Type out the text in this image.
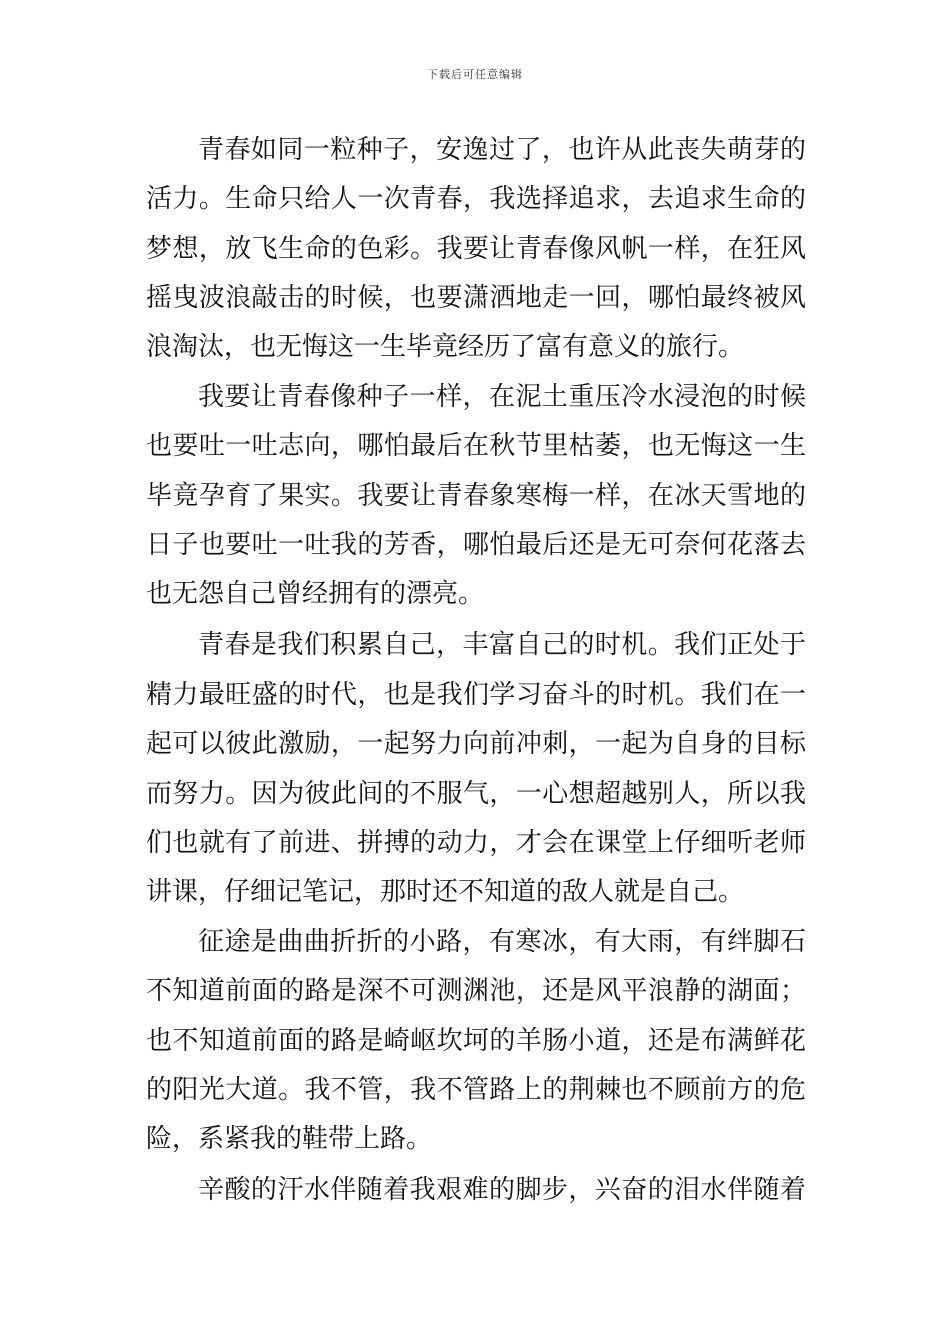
下载后可任意编辑
青春如同一粒种子，安逸过了，也许从此丧失萌芽的
活力。生命只给人一次青春，我选择追求，去追求生命的
梦想，放飞生命的色彩。我要让青春像风帆一样，在狂风
摇曳波浪敲击的时候，也要潇洒地走一回，哪怕最终被风
浪淘汰，也无悔这一生毕竟经历了富有意义的旅行。
我要让青春像种子一样，在泥土重压冷水浸泡的时候
也要吐一吐志向，哪怕最后在秋节里枯萎，也无悔这一生
毕竟孕育了果实。我要让青春象寒梅一样，在冰天雪地的
日子也要吐一吐我的芳香，哪怕最后还是无可奈何花落去
也无怨自己曾经拥有的漂亮。
青春是我们积累自己，丰富自己的时机。我们正处于
精力最旺盛的时代，也是我们学习奋斗的时机。我们在一
起可以彼此激励，一起努力向前冲刺，一起为自身的目标
而努力。因为彼此间的不服气，一心想超越别人，所以我
们也就有了前进、拼搏的动力，才会在课堂上仔细听老师
讲课，仔细记笔记，那时还不知道的敌人就是自己。
征途是曲曲折折的小路，有寒冰，有大雨，有绊脚石
不知道前面的路是深不可测渊池，还是风平浪静的湖面；
也不知道前面的路是崎岖坎坷的羊肠小道，还是布满鲜花
的阳光大道。我不管，我不管路上的荆棘也不顾前方的危
险，系紧我的鞋带上路。
辛酸的汗水伴随着我艰难的脚步，兴奋的泪水伴随着
